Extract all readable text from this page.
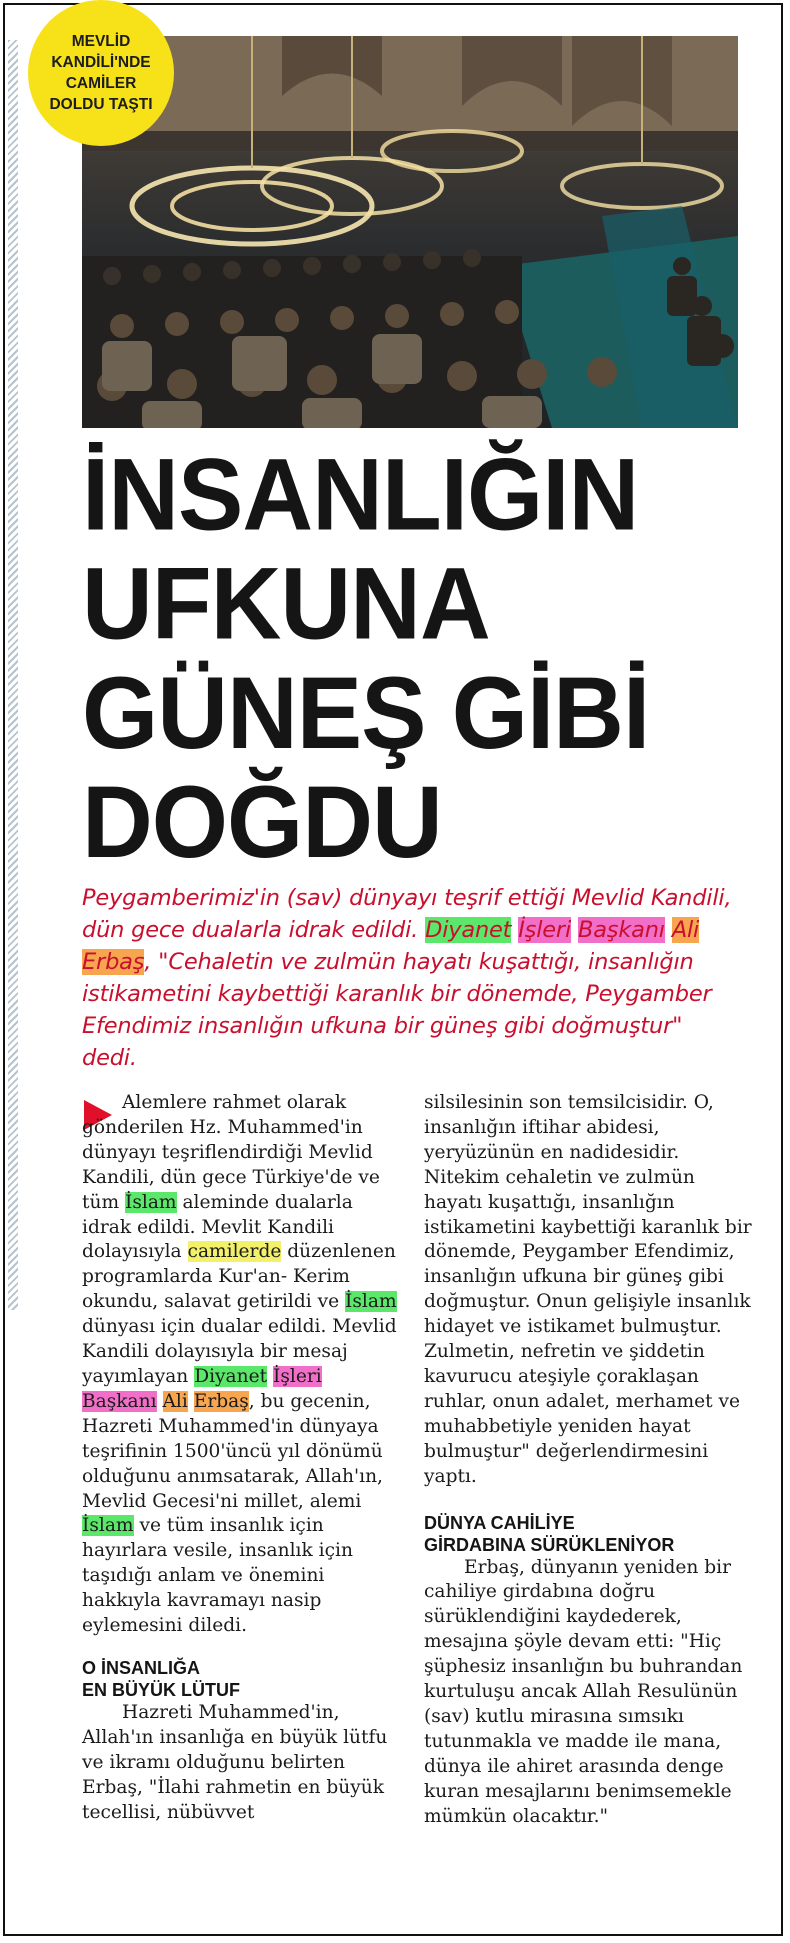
MEVLİD
KANDİLİ'NDE
CAMİLER
DOLDU TAŞTI
İNSANLIĞIN
UFKUNA
GÜNEŞ GİBİ
DOĞDU

Peygamberimiz'in (sav) dünyayı teşrif ettiği Mevlid Kandili, dün gece dualarla idrak edildi. Diyanet İşleri Başkanı Ali Erbaş, "Cehaletin ve zulmün hayatı kuşattığı, insanlığın istikametini kaybettiği karanlık bir dönemde, Peygamber Efendimiz insanlığın ufkuna bir güneş gibi doğmuştur" dedi.

Alemlere rahmet olarak gönderilen Hz. Muhammed'in dünyayı teşriflendirdiği Mevlid Kandili, dün gece Türkiye'de ve tüm İslam aleminde dualarla idrak edildi. Mevlit Kandili dolayısıyla camilerde düzenlenen programlarda Kur'an- Kerim okundu, salavat getirildi ve İslam dünyası için dualar edildi. Mevlid Kandili dolayısıyla bir mesaj yayımlayan Diyanet İşleri Başkanı Ali Erbaş, bu gecenin, Hazreti Muhammed'in dünyaya teşrifinin 1500'üncü yıl dönümü olduğunu anımsatarak, Allah'ın, Mevlid Gecesi'ni millet, alemi İslam ve tüm insanlık için hayırlara vesile, insanlık için taşıdığı anlam ve önemini hakkıyla kavramayı nasip eylemesini diledi.

O İNSANLIĞA
EN BÜYÜK LÜTUF

Hazreti Muhammed'in, Allah'ın insanlığa en büyük lütfu ve ikramı olduğunu belirten Erbaş, "İlahi rahmetin en büyük tecellisi, nübüvvet

silsilesinin son temsilcisidir. O, insanlığın iftihar abidesi, yeryüzünün en nadidesidir. Nitekim cehaletin ve zulmün hayatı kuşattığı, insanlığın istikametini kaybettiği karanlık bir dönemde, Peygamber Efendimiz, insanlığın ufkuna bir güneş gibi doğmuştur. Onun gelişiyle insanlık hidayet ve istikamet bulmuştur. Zulmetin, nefretin ve şiddetin kavurucu ateşiyle çoraklaşan ruhlar, onun adalet, merhamet ve muhabbetiyle yeniden hayat bulmuştur" değerlendirmesini yaptı.

DÜNYA CAHİLİYE
GİRDABINA SÜRÜKLENİYOR

Erbaş, dünyanın yeniden bir cahiliye girdabına doğru sürüklendiğini kaydederek, mesajına şöyle devam etti: "Hiç şüphesiz insanlığın bu buhrandan kurtuluşu ancak Allah Resulünün (sav) kutlu mirasına sımsıkı tutunmakla ve madde ile mana, dünya ile ahiret arasında denge kuran mesajlarını benimsemekle mümkün olacaktır."
